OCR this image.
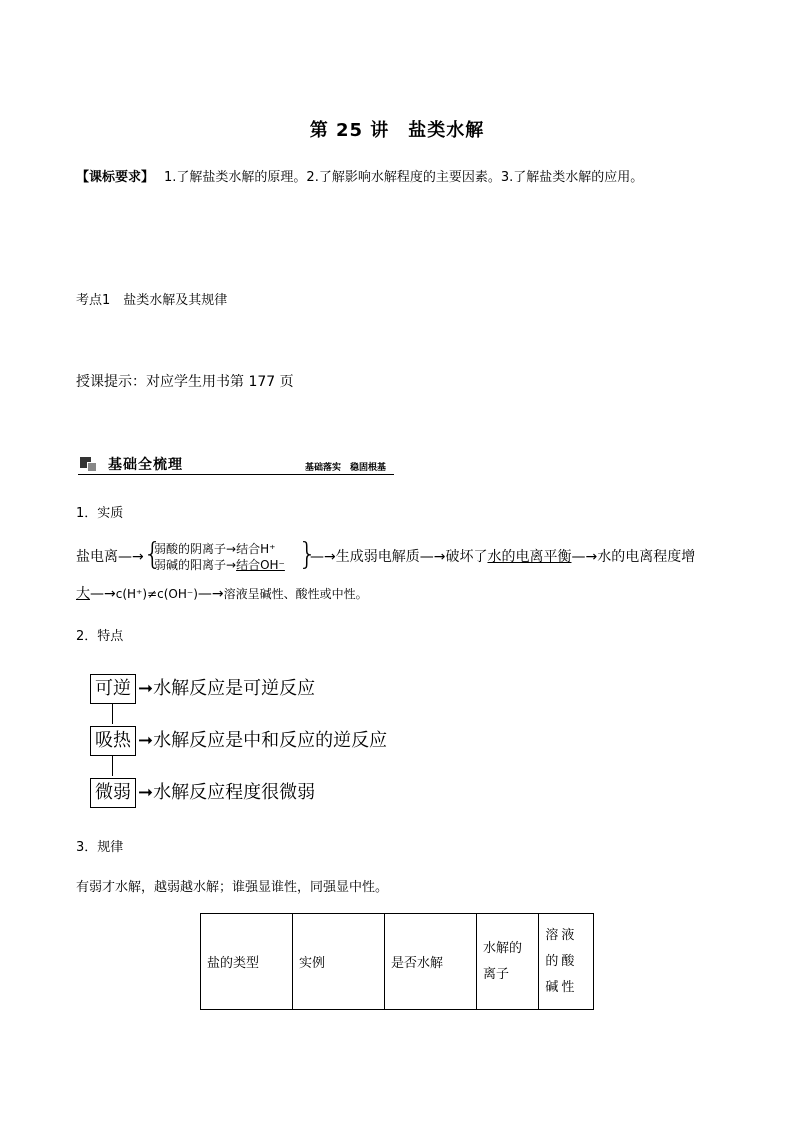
第 25 讲　盐类水解
【课标要求】 1.了解盐类水解的原理。2.了解影响水解程度的主要因素。3.了解盐类水解的应用。
考点1　盐类水解及其规律
授课提示：对应学生用书第 177 页
基础全梳理	基础落实　稳固根基
1．实质
盐电离—→ {
弱酸的阴离子→结合H⁺
弱碱的阳离子→结合OH⁻ }
—→生成弱电解质—→破坏了水的电离平衡—→水的电离程度增
大—→c(H⁺)≠c(OH⁻)—→溶液呈碱性、酸性或中性。
2．特点
可逆 ➞水解反应是可逆反应
吸热 ➞水解反应是中和反应的逆反应
微弱 ➞水解反应程度很微弱
3．规律
有弱才水解，越弱越水解；谁强显谁性，同强显中性。
盐的类型	实例	是否水解	水解的离子	溶液的酸碱性
